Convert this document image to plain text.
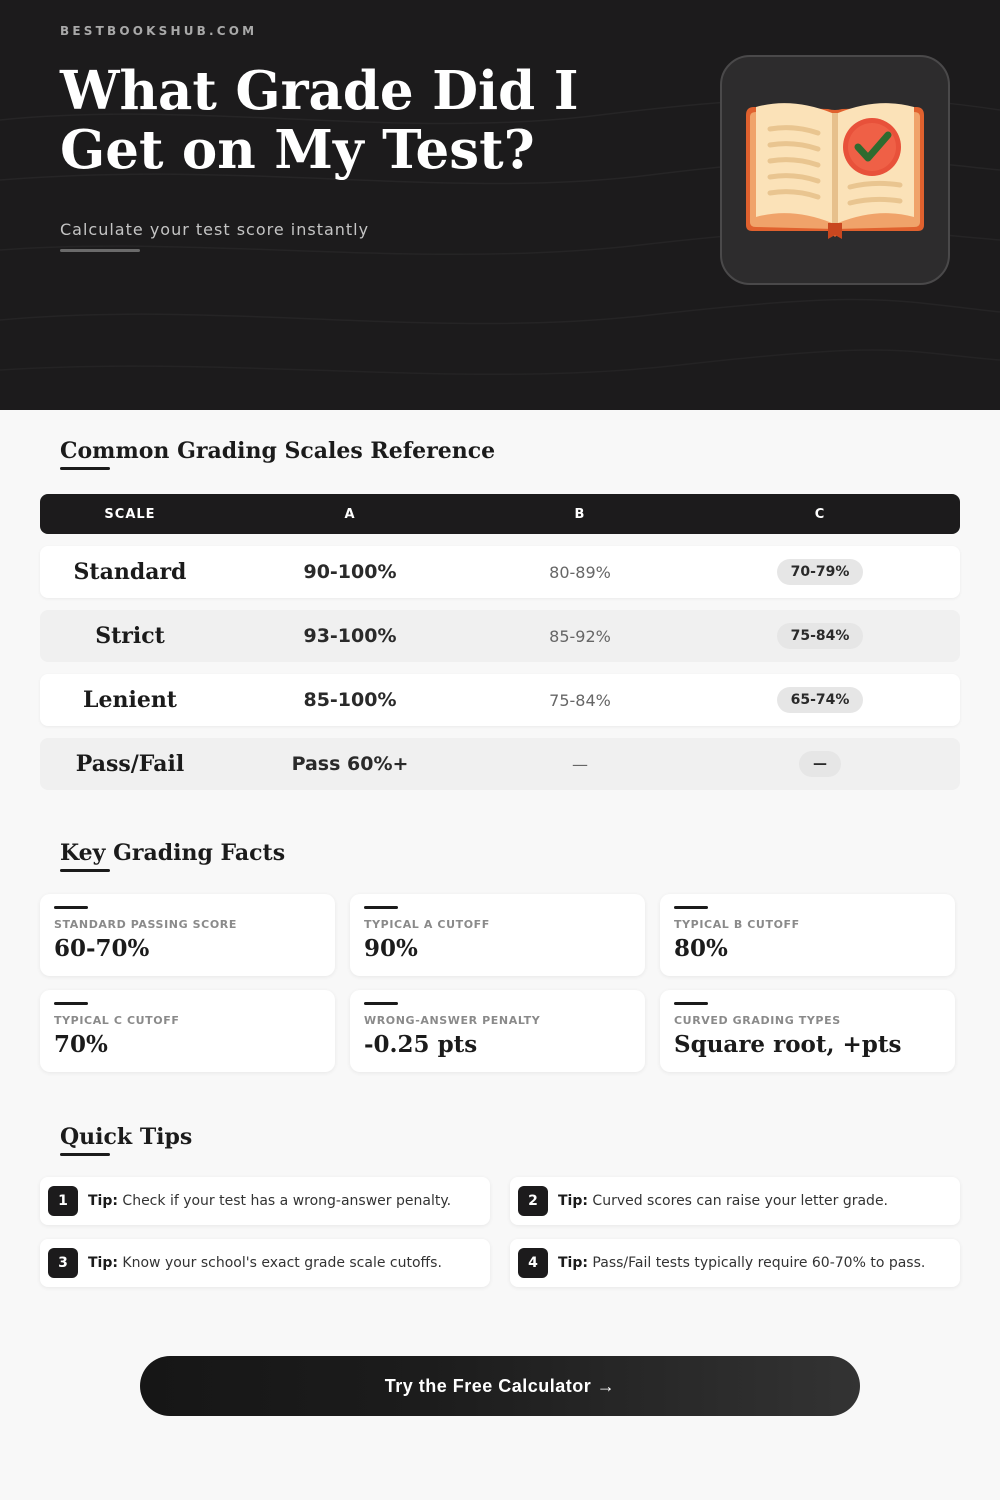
BESTBOOKSHUB.COM
What Grade Did I Get on My Test?
Calculate your test score instantly
Common Grading Scales Reference
SCALE	A	B	C
Standard	90-100%	80-89%	70-79%
Strict	93-100%	85-92%	75-84%
Lenient	85-100%	75-84%	65-74%
Pass/Fail	Pass 60%+	—	—
Key Grading Facts
STANDARD PASSING SCORE
60-70%
TYPICAL A CUTOFF
90%
TYPICAL B CUTOFF
80%
TYPICAL C CUTOFF
70%
WRONG-ANSWER PENALTY
-0.25 pts
CURVED GRADING TYPES
Square root, +pts
Quick Tips
1	Tip: Check if your test has a wrong-answer penalty.	2	Tip: Curved scores can raise your letter grade.
3	Tip: Know your school's exact grade scale cutoffs.	4	Tip: Pass/Fail tests typically require 60-70% to pass.
Try the Free Calculator →
